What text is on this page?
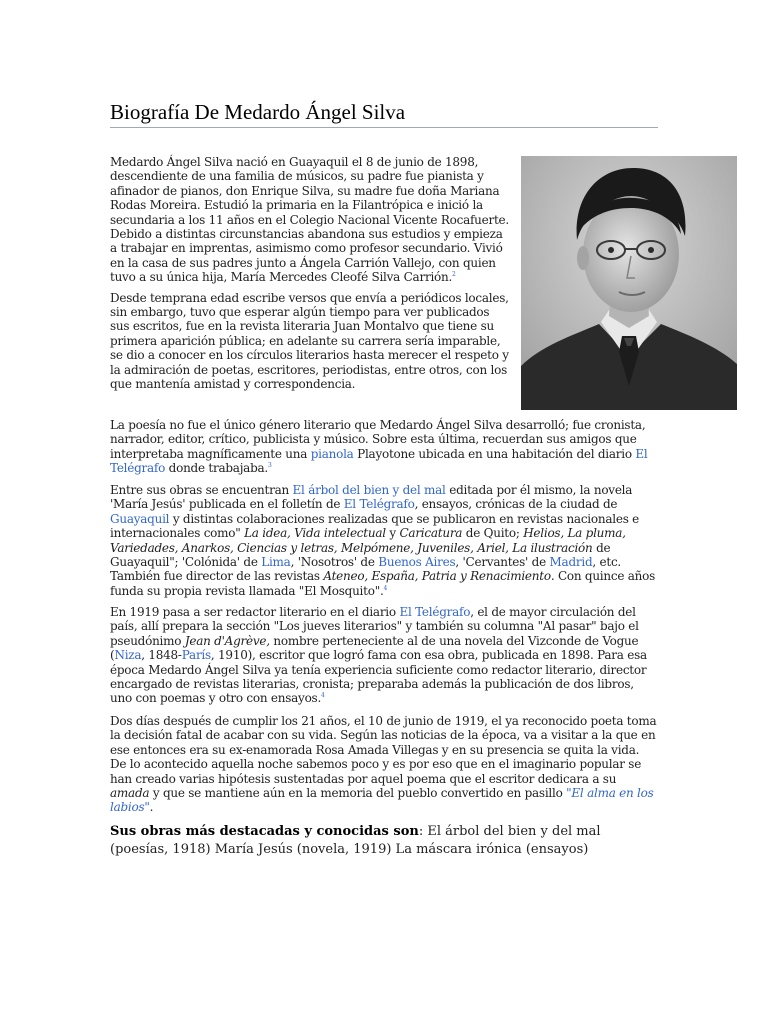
Biografía De Medardo Ángel Silva

Medardo Ángel Silva nació en Guayaquil el 8 de junio de 1898, descendiente de una familia de músicos, su padre fue pianista y afinador de pianos, don Enrique Silva, su madre fue doña Mariana Rodas Moreira. Estudió la primaria en la Filantrópica e inició la secundaria a los 11 años en el Colegio Nacional Vicente Rocafuerte. Debido a distintas circunstancias abandona sus estudios y empieza a trabajar en imprentas, asimismo como profesor secundario. Vivió en la casa de sus padres junto a Ángela Carrión Vallejo, con quien tuvo a su única hija, María Mercedes Cleofé Silva Carrión.$^2$

Desde temprana edad escribe versos que envía a periódicos locales, sin embargo, tuvo que esperar algún tiempo para ver publicados sus escritos, fue en la revista literaria Juan Montalvo que tiene su primera aparición pública; en adelante su carrera sería imparable, se dio a conocer en los círculos literarios hasta merecer el respeto y la admiración de poetas, escritores, periodistas, entre otros, con los que mantenía amistad y correspondencia.

La poesía no fue el único género literario que Medardo Ángel Silva desarrolló; fue cronista, narrador, editor, crítico, publicista y músico. Sobre esta última, recuerdan sus amigos que interpretaba magníficamente una pianola Playotone ubicada en una habitación del diario El Telégrafo donde trabajaba.$^3$

Entre sus obras se encuentran El árbol del bien y del mal editada por él mismo, la novela 'María Jesús' publicada en el folletín de El Telégrafo, ensayos, crónicas de la ciudad de Guayaquil y distintas colaboraciones realizadas que se publicaron en revistas nacionales e internacionales como" La idea, Vida intelectual y Caricatura de Quito; Helios, La pluma, Variedades, Anarkos, Ciencias y letras, Melpómene, Juveniles, Ariel, La ilustración de Guayaquil"; 'Colónida' de Lima, 'Nosotros' de Buenos Aires, 'Cervantes' de Madrid, etc. También fue director de las revistas Ateneo, España, Patria y Renacimiento. Con quince años funda su propia revista llamada "El Mosquito".$^4$

En 1919 pasa a ser redactor literario en el diario El Telégrafo, el de mayor circulación del país, allí prepara la sección "Los jueves literarios" y también su columna "Al pasar" bajo el pseudónimo Jean d'Agrève, nombre perteneciente al de una novela del Vizconde de Vogue (Niza, 1848-París, 1910), escritor que logró fama con esa obra, publicada en 1898. Para esa época Medardo Ángel Silva ya tenía experiencia suficiente como redactor literario, director encargado de revistas literarias, cronista; preparaba además la publicación de dos libros, uno con poemas y otro con ensayos.$^4$

Dos días después de cumplir los 21 años, el 10 de junio de 1919, el ya reconocido poeta toma la decisión fatal de acabar con su vida. Según las noticias de la época, va a visitar a la que en ese entonces era su ex-enamorada Rosa Amada Villegas y en su presencia se quita la vida. De lo acontecido aquella noche sabemos poco y es por eso que en el imaginario popular se han creado varias hipótesis sustentadas por aquel poema que el escritor dedicara a su amada y que se mantiene aún en la memoria del pueblo convertido en pasillo "El alma en los labios".

Sus obras más destacadas y conocidas son: El árbol del bien y del mal (poesías, 1918) María Jesús (novela, 1919) La máscara irónica (ensayos)
